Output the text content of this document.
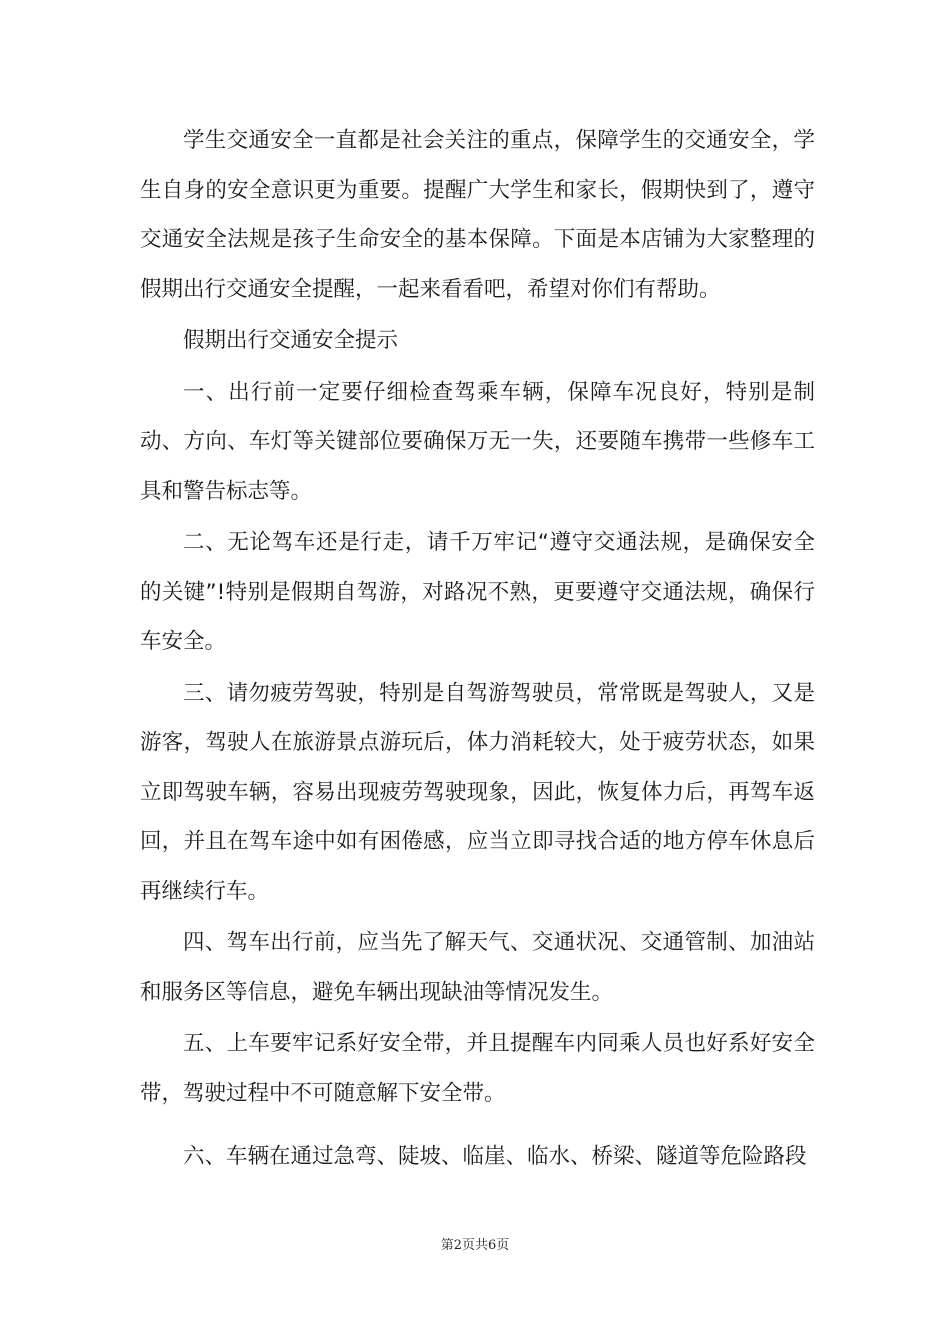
学生交通安全一直都是社会关注的重点，保障学生的交通安全，学生自身的安全意识更为重要。提醒广大学生和家长，假期快到了，遵守交通安全法规是孩子生命安全的基本保障。下面是本店铺为大家整理的假期出行交通安全提醒，一起来看看吧，希望对你们有帮助。

假期出行交通安全提示

一、出行前一定要仔细检查驾乘车辆，保障车况良好，特别是制动、方向、车灯等关键部位要确保万无一失，还要随车携带一些修车工具和警告标志等。

二、无论驾车还是行走，请千万牢记“遵守交通法规，是确保安全的关键”!特别是假期自驾游，对路况不熟，更要遵守交通法规，确保行车安全。

三、请勿疲劳驾驶，特别是自驾游驾驶员，常常既是驾驶人，又是游客，驾驶人在旅游景点游玩后，体力消耗较大，处于疲劳状态，如果立即驾驶车辆，容易出现疲劳驾驶现象，因此，恢复体力后，再驾车返回，并且在驾车途中如有困倦感，应当立即寻找合适的地方停车休息后再继续行车。

四、驾车出行前，应当先了解天气、交通状况、交通管制、加油站和服务区等信息，避免车辆出现缺油等情况发生。

五、上车要牢记系好安全带，并且提醒车内同乘人员也好系好安全带，驾驶过程中不可随意解下安全带。

六、车辆在通过急弯、陡坡、临崖、临水、桥梁、隧道等危险路段

第2页共6页
